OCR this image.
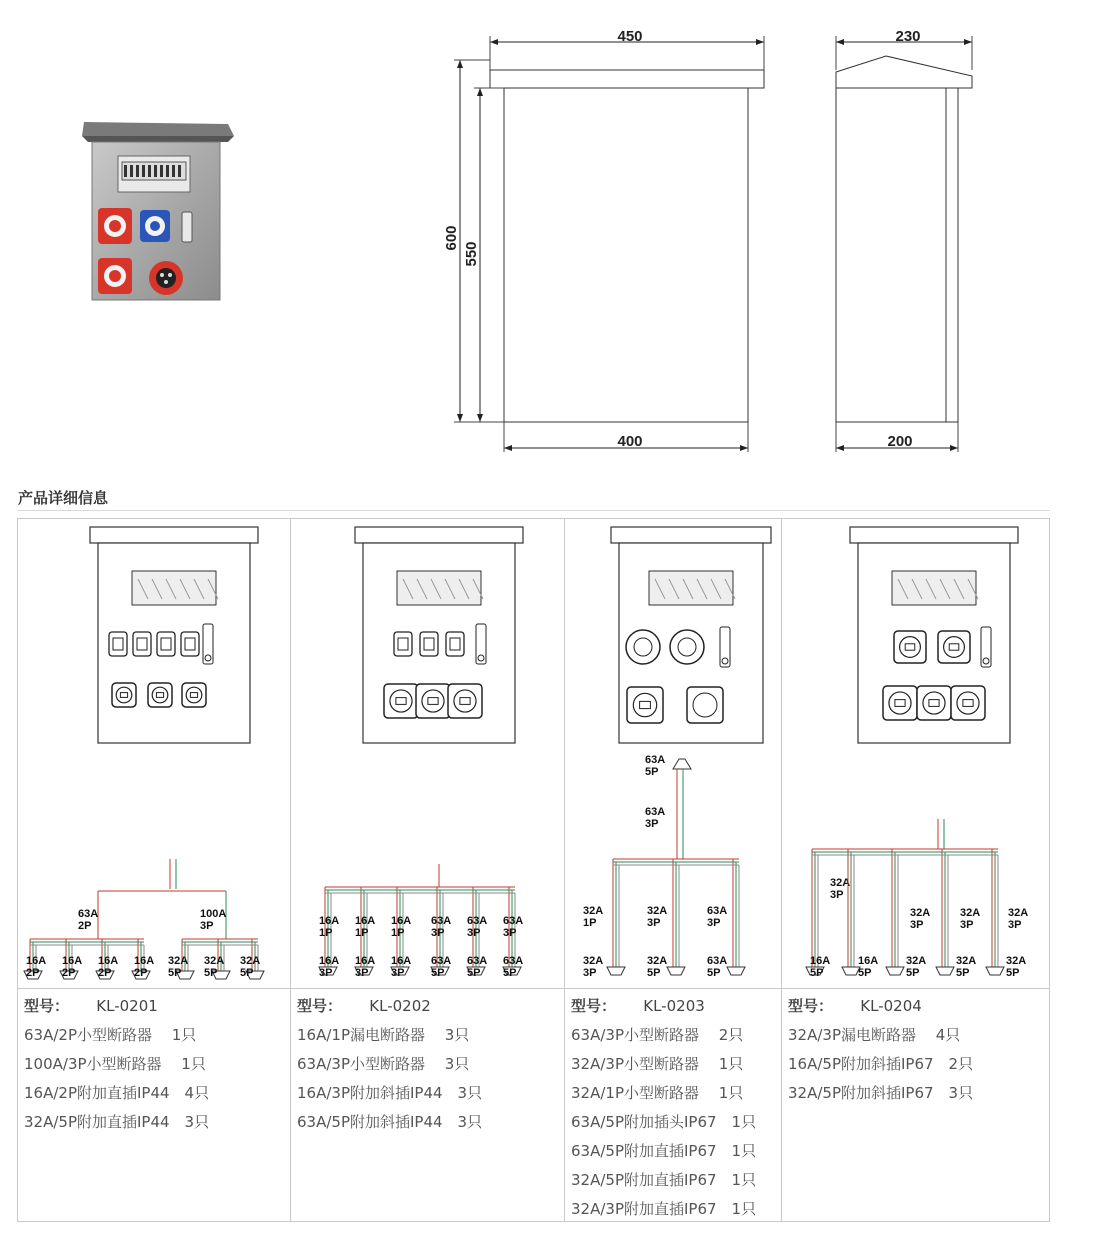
450
600
550
400
230
200
产品详细信息
63A
2P
100A
3P
16A
2P
16A
2P
16A
2P
16A
2P
32A
5P
32A
5P
32A
5P
型号：　　 KL-0201
63A/2P小型断路器　 1只
100A/3P小型断路器　 1只
16A/2P附加直插IP44　4只
32A/5P附加直插IP44　3只
16A
1P
16A
1P
16A
1P
63A
3P
63A
3P
63A
3P
16A
3P
16A
3P
16A
3P
63A
5P
63A
5P
63A
5P
型号：　　 KL-0202
16A/1P漏电断路器　 3只
63A/3P小型断路器　 3只
16A/3P附加斜插IP44　3只
63A/5P附加斜插IP44　3只
63A
5P
63A
3P
32A
1P
32A
3P
63A
3P
32A
3P
32A
5P
63A
5P
型号：　　 KL-0203
63A/3P小型断路器　 2只
32A/3P小型断路器　 1只
32A/1P小型断路器　 1只
63A/5P附加插头IP67　1只
63A/5P附加直插IP67　1只
32A/5P附加直插IP67　1只
32A/3P附加直插IP67　1只
32A
3P
32A
3P
32A
3P
32A
3P
16A
5P
16A
5P
32A
5P
32A
5P
32A
5P
型号：　　 KL-0204
32A/3P漏电断路器　 4只
16A/5P附加斜插IP67　2只
32A/5P附加斜插IP67　3只
